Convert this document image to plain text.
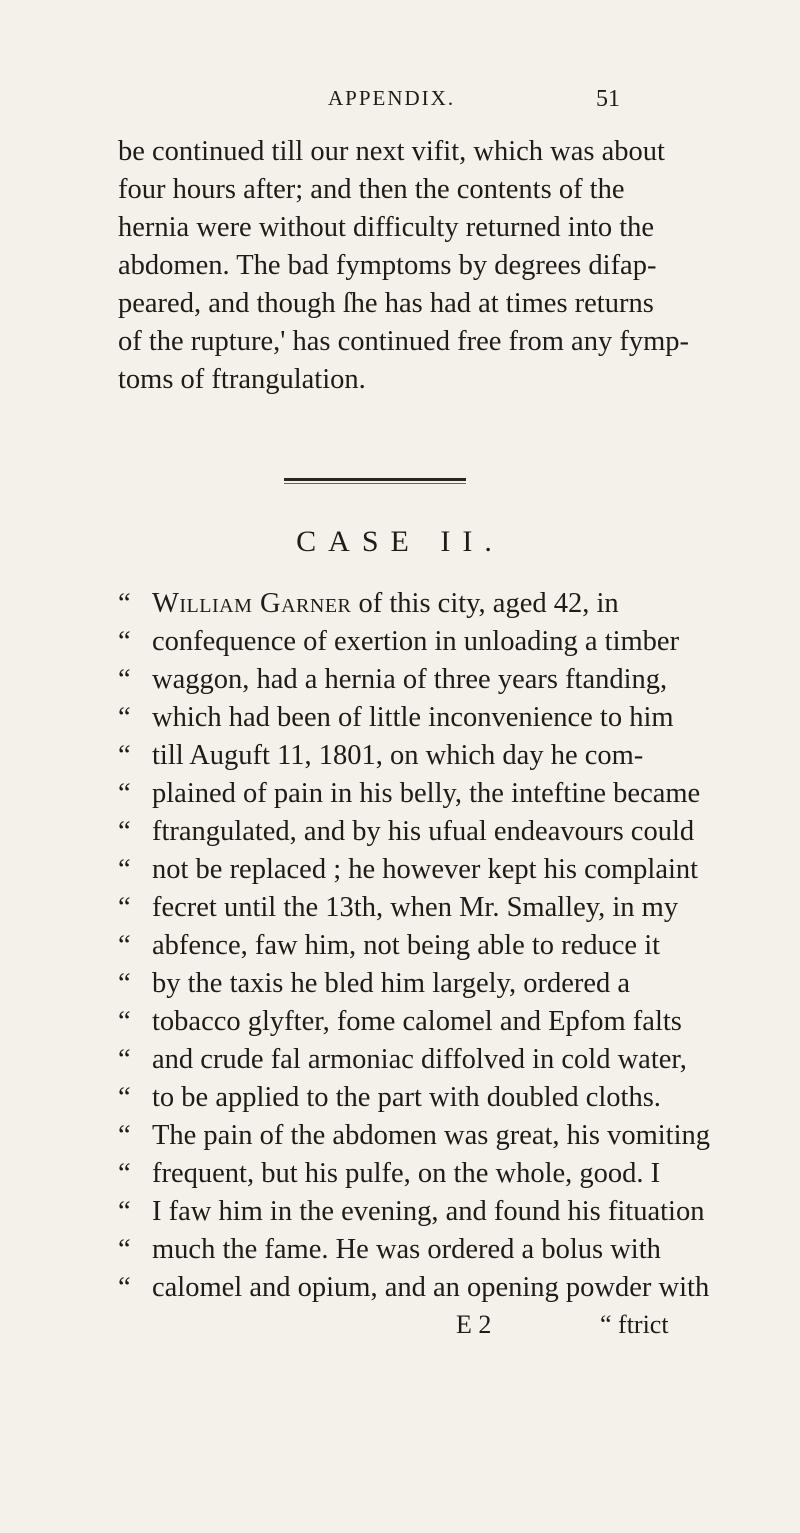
APPENDIX.	51
be continued till our next vifit, which was about
four hours after; and then the contents of the
hernia were without difficulty returned into the
abdomen. The bad fymptoms by degrees difap-
peared, and though ſhe has had at times returns
of the rupture,' has continued free from any fymp-
toms of ftrangulation.
CASE II.
“ William Garner of this city, aged 42, in
“ confequence of exertion in unloading a timber
“ waggon, had a hernia of three years ftanding,
“ which had been of little inconvenience to him
“ till Auguft 11, 1801, on which day he com-
“ plained of pain in his belly, the inteftine became
“ ftrangulated, and by his ufual endeavours could
“ not be replaced ; he however kept his complaint
“ fecret until the 13th, when Mr. Smalley, in my
“ abfence, faw him, not being able to reduce it
“ by the taxis he bled him largely, ordered a
“ tobacco glyfter, fome calomel and Epfom falts
“ and crude fal armoniac diffolved in cold water,
“ to be applied to the part with doubled cloths.
“ The pain of the abdomen was great, his vomiting
“ frequent, but his pulfe, on the whole, good. I
“ I faw him in the evening, and found his fituation
“ much the fame. He was ordered a bolus with
“ calomel and opium, and an opening powder with
E 2	“ ftrict
